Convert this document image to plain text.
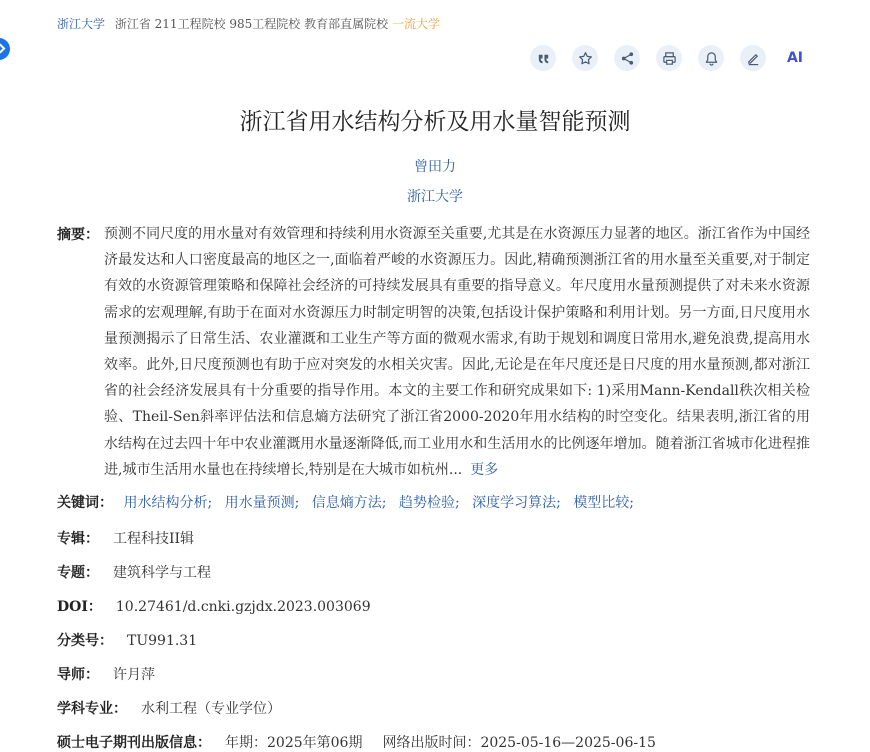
浙江大学 浙江省 211工程院校 985工程院校 教育部直属院校 一流大学
AI
浙江省用水结构分析及用水量智能预测
曾田力
浙江大学
摘要： 预测不同尺度的用水量对有效管理和持续利用水资源至关重要,尤其是在水资源压力显著的地区。浙江省作为中国经济最发达和人口密度最高的地区之一,面临着严峻的水资源压力。因此,精确预测浙江省的用水量至关重要,对于制定有效的水资源管理策略和保障社会经济的可持续发展具有重要的指导意义。年尺度用水量预测提供了对未来水资源需求的宏观理解,有助于在面对水资源压力时制定明智的决策,包括设计保护策略和利用计划。另一方面,日尺度用水量预测揭示了日常生活、农业灌溉和工业生产等方面的微观水需求,有助于规划和调度日常用水,避免浪费,提高用水效率。此外,日尺度预测也有助于应对突发的水相关灾害。因此,无论是在年尺度还是日尺度的用水量预测,都对浙江省的社会经济发展具有十分重要的指导作用。本文的主要工作和研究成果如下: 1)采用Mann-Kendall秩次相关检验、Theil-Sen斜率评估法和信息熵方法研究了浙江省2000-2020年用水结构的时空变化。结果表明,浙江省的用水结构在过去四十年中农业灌溉用水量逐渐降低,而工业用水和生活用水的比例逐年增加。随着浙江省城市化进程推进,城市生活用水量也在持续增长,特别是在大城市如杭州... 更多

关键词： 用水结构分析; 用水量预测; 信息熵方法; 趋势检验; 深度学习算法; 模型比较;
专辑： 工程科技II辑
专题： 建筑科学与工程
DOI： 10.27461/d.cnki.gzjdx.2023.003069
分类号： TU991.31
导师： 许月萍
学科专业： 水利工程（专业学位）
硕士电子期刊出版信息： 年期：2025年第06期 网络出版时间：2025-05-16—2025-06-15
